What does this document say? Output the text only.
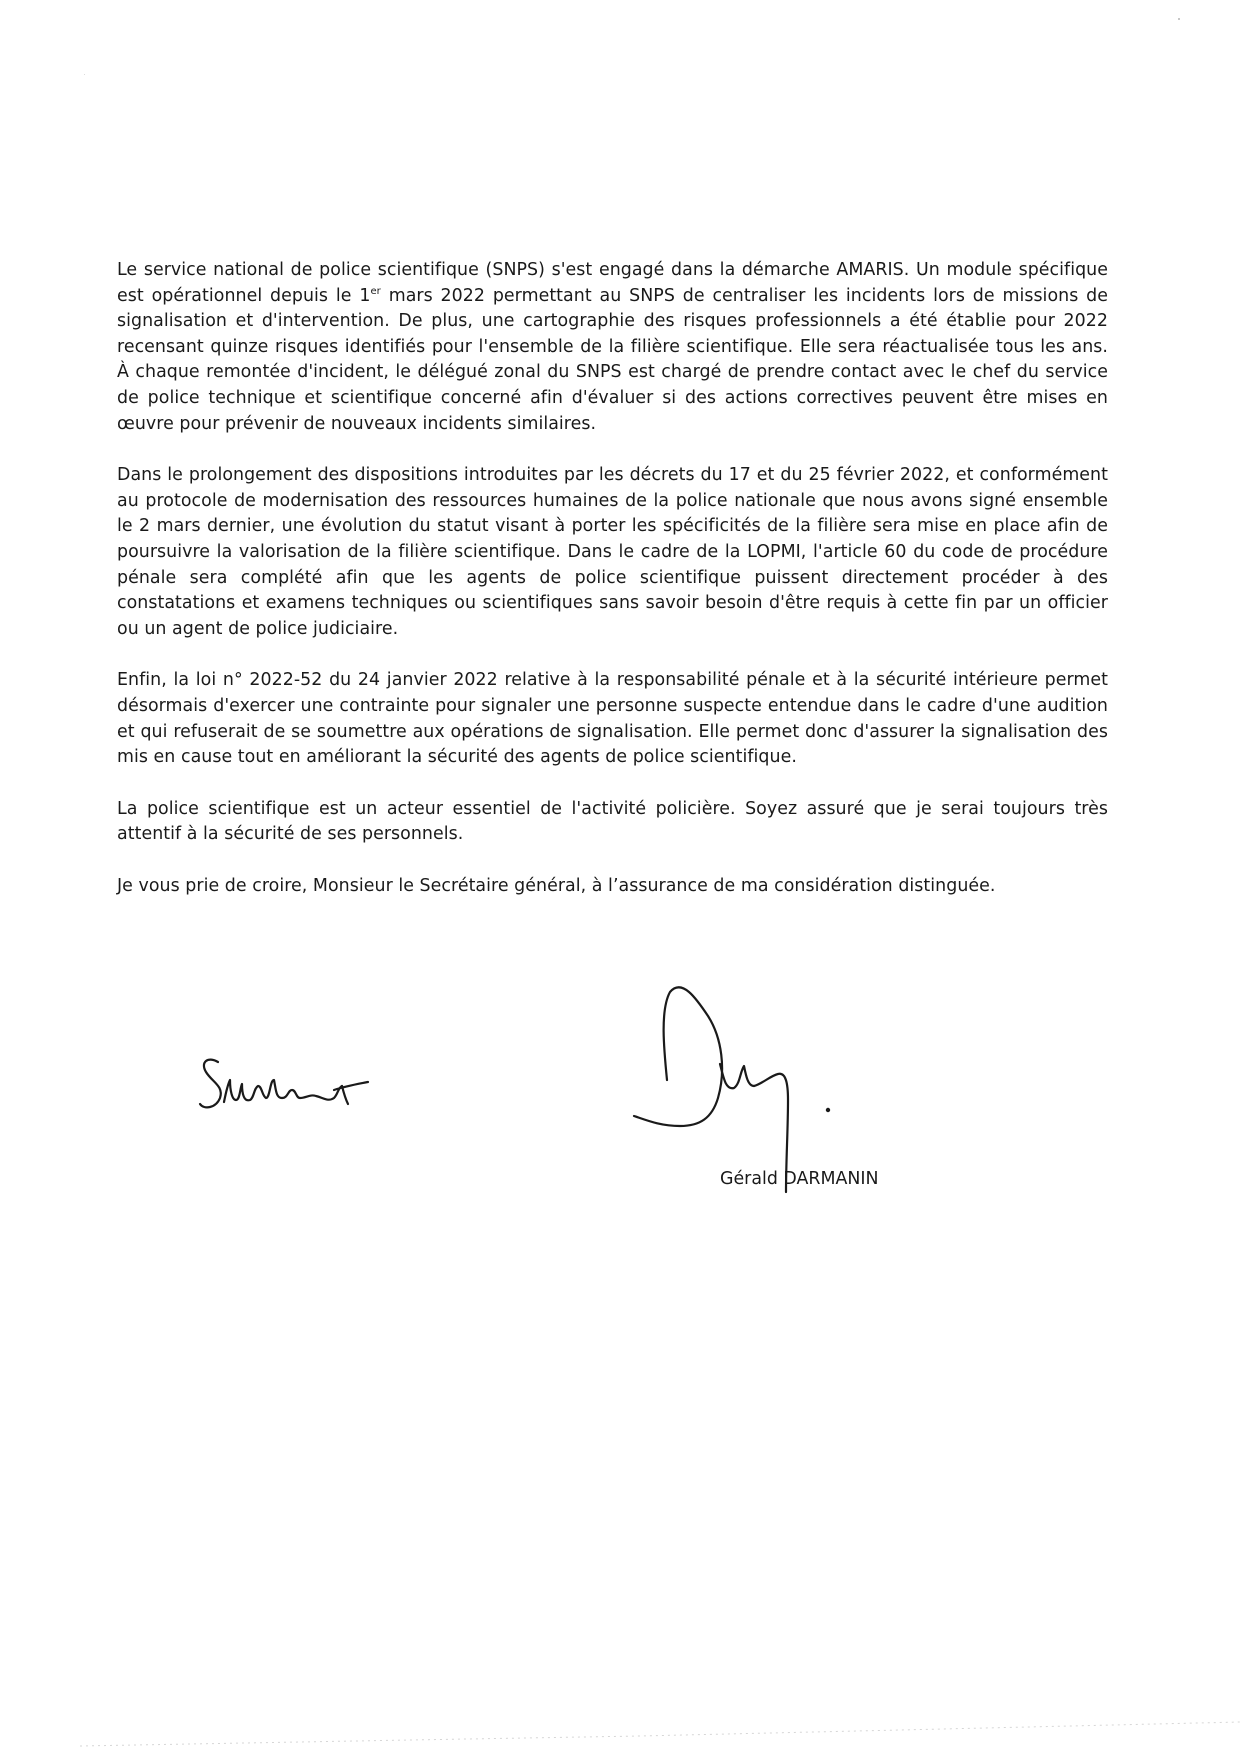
Le service national de police scientifique (SNPS) s'est engagé dans la démarche AMARIS. Un module spécifique est opérationnel depuis le 1er mars 2022 permettant au SNPS de centraliser les incidents lors de missions de signalisation et d'intervention. De plus, une cartographie des risques professionnels a été établie pour 2022 recensant quinze risques identifiés pour l'ensemble de la filière scientifique. Elle sera réactualisée tous les ans. À chaque remontée d'incident, le délégué zonal du SNPS est chargé de prendre contact avec le chef du service de police technique et scientifique concerné afin d'évaluer si des actions correctives peuvent être mises en œuvre pour prévenir de nouveaux incidents similaires.

Dans le prolongement des dispositions introduites par les décrets du 17 et du 25 février 2022, et conformément au protocole de modernisation des ressources humaines de la police nationale que nous avons signé ensemble le 2 mars dernier, une évolution du statut visant à porter les spécificités de la filière sera mise en place afin de poursuivre la valorisation de la filière scientifique. Dans le cadre de la LOPMI, l'article 60 du code de procédure pénale sera complété afin que les agents de police scientifique puissent directement procéder à des constatations et examens techniques ou scientifiques sans savoir besoin d'être requis à cette fin par un officier ou un agent de police judiciaire.

Enfin, la loi n° 2022-52 du 24 janvier 2022 relative à la responsabilité pénale et à la sécurité intérieure permet désormais d'exercer une contrainte pour signaler une personne suspecte entendue dans le cadre d'une audition et qui refuserait de se soumettre aux opérations de signalisation. Elle permet donc d'assurer la signalisation des mis en cause tout en améliorant la sécurité des agents de police scientifique.

La police scientifique est un acteur essentiel de l'activité policière. Soyez assuré que je serai toujours très attentif à la sécurité de ses personnels.

Je vous prie de croire, Monsieur le Secrétaire général, à l’assurance de ma considération distinguée.

Gérald DARMANIN
